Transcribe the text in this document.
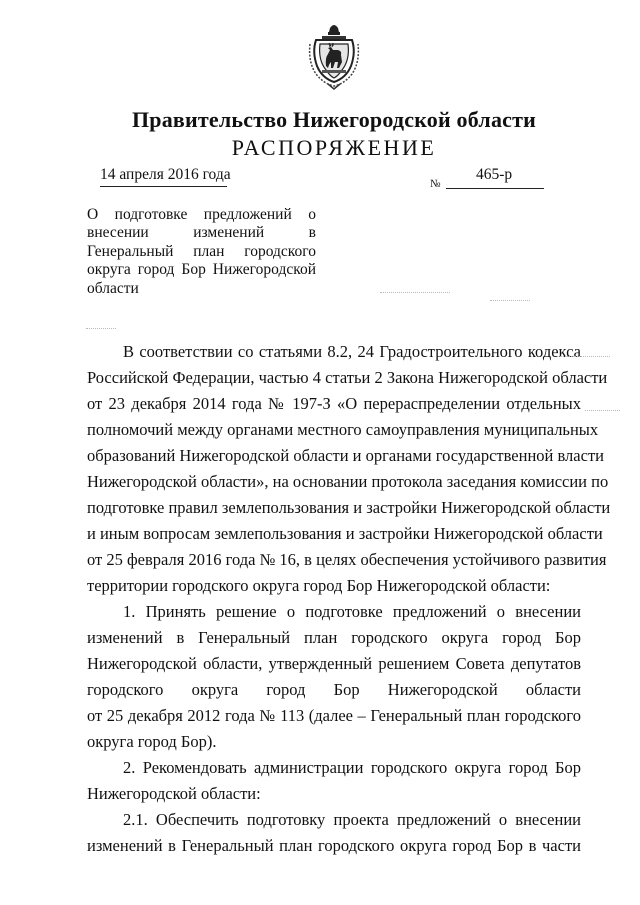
Правительство Нижегородской области
РАСПОРЯЖЕНИЕ
14 апреля 2016 года
№
465-р
О подготовке предложений о
внесении изменений в
Генеральный план городского
округа город Бор Нижегородской
области
В соответствии со статьями 8.2, 24 Градостроительного кодекса
Российской Федерации, частью 4 статьи 2 Закона Нижегородской области
от 23 декабря 2014 года № 197-З «О перераспределении отдельных
полномочий между органами местного самоуправления муниципальных
образований Нижегородской области и органами государственной власти
Нижегородской области», на основании протокола заседания комиссии по
подготовке правил землепользования и застройки Нижегородской области
и иным вопросам землепользования и застройки Нижегородской области
от 25 февраля 2016 года № 16, в целях обеспечения устойчивого развития
территории городского округа город Бор Нижегородской области:
1. Принять решение о подготовке предложений о внесении
изменений в Генеральный план городского округа город Бор
Нижегородской области, утвержденный решением Совета депутатов
городского округа город Бор Нижегородской области
от 25 декабря 2012 года № 113 (далее – Генеральный план городского
округа город Бор).
2. Рекомендовать администрации городского округа город Бор
Нижегородской области:
2.1. Обеспечить подготовку проекта предложений о внесении
изменений в Генеральный план городского округа город Бор в части
